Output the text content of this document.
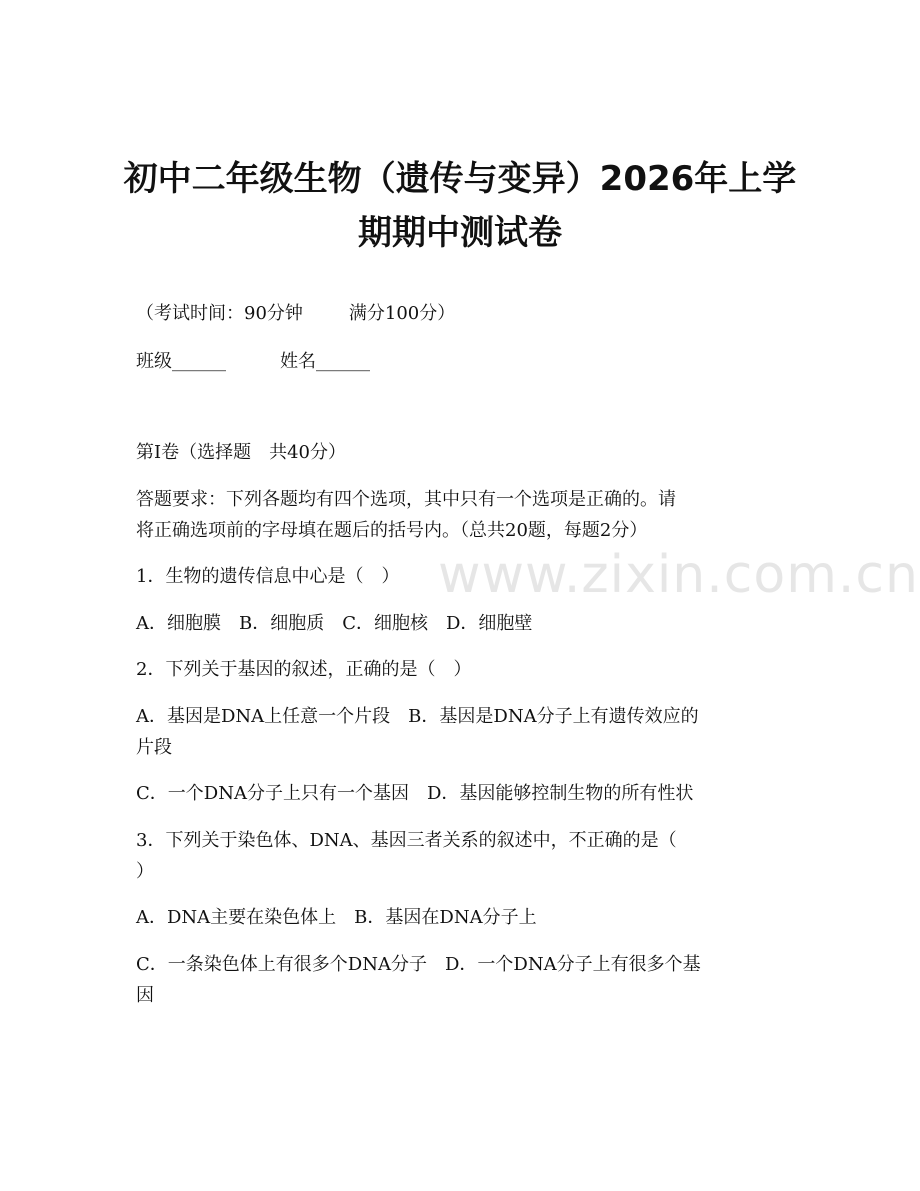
www.zixin.com.cn
初中二年级生物（遗传与变异）2026年上学
期期中测试卷
（考试时间：90分钟	满分100分）
班级______	姓名______
第I卷（选择题　共40分）
答题要求：下列各题均有四个选项，其中只有一个选项是正确的。请
将正确选项前的字母填在题后的括号内。（总共20题，每题2分）
1．生物的遗传信息中心是（　）
A．细胞膜　B．细胞质　C．细胞核　D．细胞壁
2．下列关于基因的叙述，正确的是（　）
A．基因是DNA上任意一个片段　B．基因是DNA分子上有遗传效应的
片段
C．一个DNA分子上只有一个基因　D．基因能够控制生物的所有性状
3．下列关于染色体、DNA、基因三者关系的叙述中，不正确的是（
）
A．DNA主要在染色体上　B．基因在DNA分子上
C．一条染色体上有很多个DNA分子　D．一个DNA分子上有很多个基
因
